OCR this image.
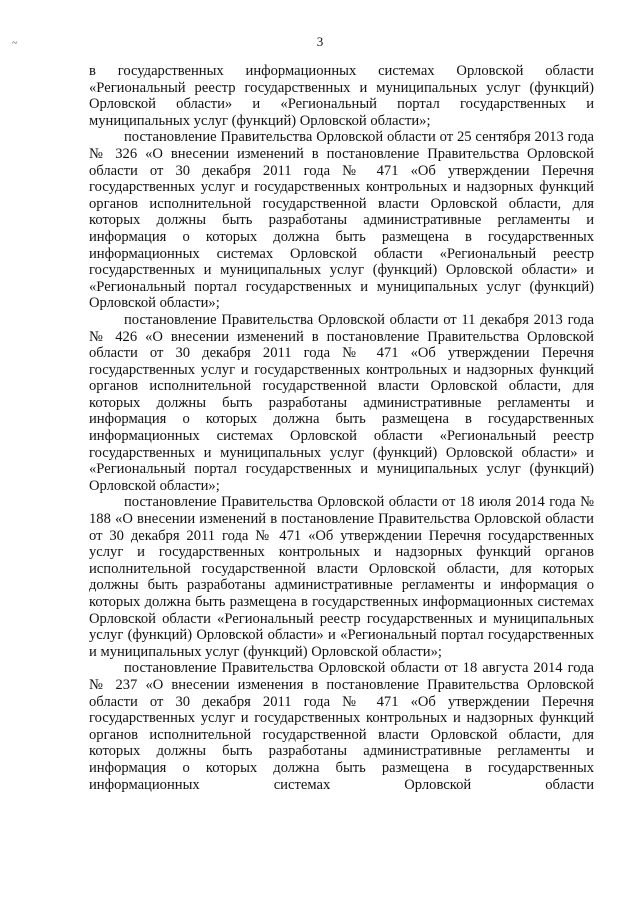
~	3

в государственных информационных системах Орловской области «Региональный реестр государственных и муниципальных услуг (функций) Орловской области» и «Региональный портал государственных и муниципальных услуг (функций) Орловской области»;

постановление Правительства Орловской области от 25 сентября 2013 года № 326 «О внесении изменений в постановление Правительства Орловской области от 30 декабря 2011 года № 471 «Об утверждении Перечня государственных услуг и государственных контрольных и надзорных функций органов исполнительной государственной власти Орловской области, для которых должны быть разработаны административные регламенты и информация о которых должна быть размещена в государственных информационных системах Орловской области «Региональный реестр государственных и муниципальных услуг (функций) Орловской области» и «Региональный портал государственных и муниципальных услуг (функций) Орловской области»;

постановление Правительства Орловской области от 11 декабря 2013 года № 426 «О внесении изменений в постановление Правительства Орловской области от 30 декабря 2011 года № 471 «Об утверждении Перечня государственных услуг и государственных контрольных и надзорных функций органов исполнительной государственной власти Орловской области, для которых должны быть разработаны административные регламенты и информация о которых должна быть размещена в государственных информационных системах Орловской области «Региональный реестр государственных и муниципальных услуг (функций) Орловской области» и «Региональный портал государственных и муниципальных услуг (функций) Орловской области»;

постановление Правительства Орловской области от 18 июля 2014 года № 188 «О внесении изменений в постановление Правительства Орловской области от 30 декабря 2011 года № 471 «Об утверждении Перечня государственных услуг и государственных контрольных и надзорных функций органов исполнительной государственной власти Орловской области, для которых должны быть разработаны административные регламенты и информация о которых должна быть размещена в государственных информационных системах Орловской области «Региональный реестр государственных и муниципальных услуг (функций) Орловской области» и «Региональный портал государственных и муниципальных услуг (функций) Орловской области»;

постановление Правительства Орловской области от 18 августа 2014 года № 237 «О внесении изменения в постановление Правительства Орловской области от 30 декабря 2011 года № 471 «Об утверждении Перечня государственных услуг и государственных контрольных и надзорных функций органов исполнительной государственной власти Орловской области, для которых должны быть разработаны административные регламенты и информация о которых должна быть размещена в государственных информационных системах Орловской области
